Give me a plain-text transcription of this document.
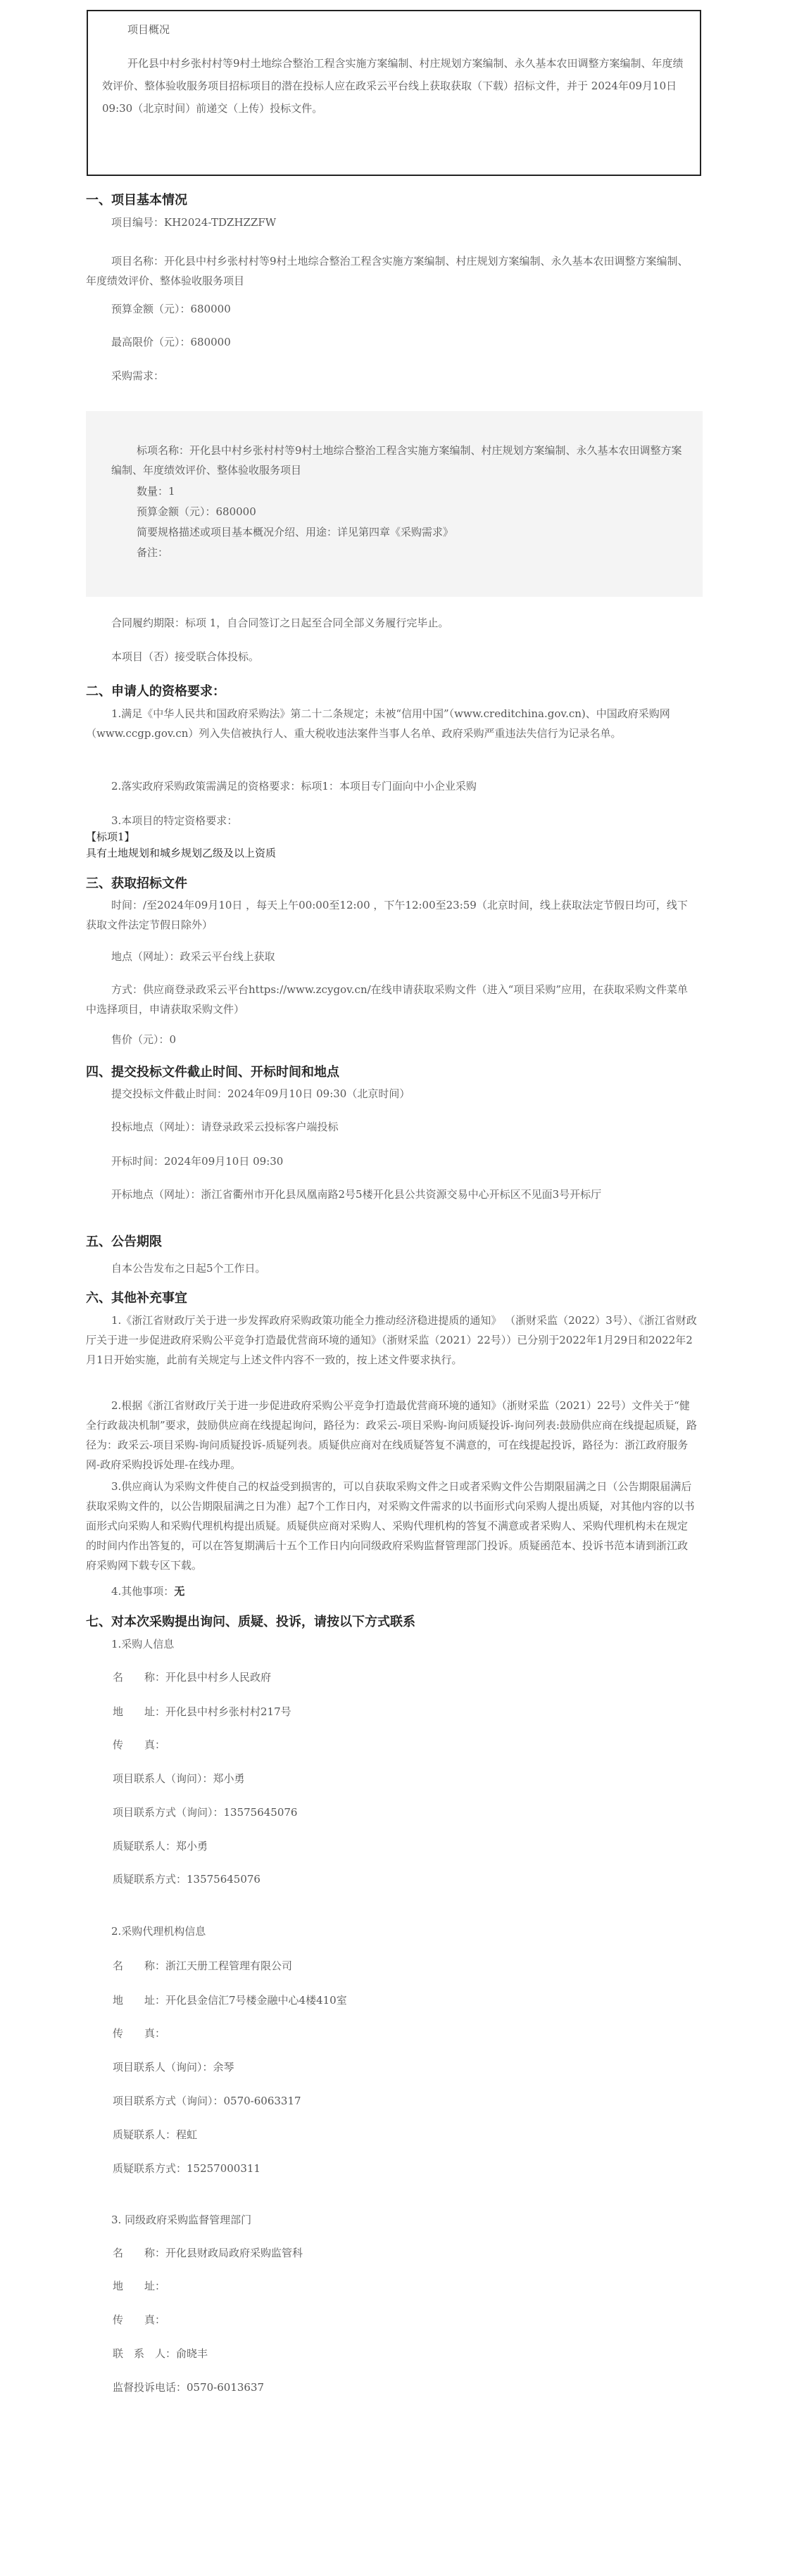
项目概况

开化县中村乡张村村等9村土地综合整治工程含实施方案编制、村庄规划方案编制、永久基本农田调整方案编制、年度绩效评价、整体验收服务项目招标项目的潜在投标人应在政采云平台线上获取获取（下载）招标文件，并于 2024年09月10日 09:30（北京时间）前递交（上传）投标文件。

一、项目基本情况

项目编号：KH2024-TDZHZZFW

项目名称：开化县中村乡张村村等9村土地综合整治工程含实施方案编制、村庄规划方案编制、永久基本农田调整方案编制、年度绩效评价、整体验收服务项目

预算金额（元）：680000

最高限价（元）：680000

采购需求：

标项名称：开化县中村乡张村村等9村土地综合整治工程含实施方案编制、村庄规划方案编制、永久基本农田调整方案编制、年度绩效评价、整体验收服务项目

数量：1

预算金额（元）：680000

简要规格描述或项目基本概况介绍、用途：详见第四章《采购需求》

备注：

合同履约期限：标项 1，自合同签订之日起至合同全部义务履行完毕止。

本项目（否）接受联合体投标。

二、申请人的资格要求：

1.满足《中华人民共和国政府采购法》第二十二条规定；未被“信用中国”（www.creditchina.gov.cn)、中国政府采购网（www.ccgp.gov.cn）列入失信被执行人、重大税收违法案件当事人名单、政府采购严重违法失信行为记录名单。

2.落实政府采购政策需满足的资格要求：标项1：本项目专门面向中小企业采购

3.本项目的特定资格要求：

【标项1】

具有土地规划和城乡规划乙级及以上资质

三、获取招标文件

时间：/至2024年09月10日 ，每天上午00:00至12:00 ，下午12:00至23:59（北京时间，线上获取法定节假日均可，线下获取文件法定节假日除外）

地点（网址）：政采云平台线上获取

方式：供应商登录政采云平台https://www.zcygov.cn/在线申请获取采购文件（进入“项目采购”应用，在获取采购文件菜单中选择项目，申请获取采购文件）

售价（元）：0

四、提交投标文件截止时间、开标时间和地点

提交投标文件截止时间：2024年09月10日 09:30（北京时间）

投标地点（网址）：请登录政采云投标客户端投标

开标时间：2024年09月10日 09:30

开标地点（网址）：浙江省衢州市开化县凤凰南路2号5楼开化县公共资源交易中心开标区不见面3号开标厅

五、公告期限

自本公告发布之日起5个工作日。

六、其他补充事宜

1.《浙江省财政厅关于进一步发挥政府采购政策功能全力推动经济稳进提质的通知》 （浙财采监（2022）3号）、《浙江省财政厅关于进一步促进政府采购公平竞争打造最优营商环境的通知》（浙财采监（2021）22号））已分别于2022年1月29日和2022年2月1日开始实施，此前有关规定与上述文件内容不一致的，按上述文件要求执行。

2.根据《浙江省财政厅关于进一步促进政府采购公平竞争打造最优营商环境的通知》（浙财采监（2021）22号）文件关于“健全行政裁决机制”要求，鼓励供应商在线提起询问，路径为：政采云-项目采购-询问质疑投诉-询问列表:鼓励供应商在线提起质疑，路径为：政采云-项目采购-询问质疑投诉-质疑列表。质疑供应商对在线质疑答复不满意的，可在线提起投诉，路径为：浙江政府服务网-政府采购投诉处理-在线办理。

3.供应商认为采购文件使自己的权益受到损害的，可以自获取采购文件之日或者采购文件公告期限届满之日（公告期限届满后获取采购文件的，以公告期限届满之日为准）起7个工作日内，对采购文件需求的以书面形式向采购人提出质疑，对其他内容的以书面形式向采购人和采购代理机构提出质疑。质疑供应商对采购人、采购代理机构的答复不满意或者采购人、采购代理机构未在规定的时间内作出答复的，可以在答复期满后十五个工作日内向同级政府采购监督管理部门投诉。质疑函范本、投诉书范本请到浙江政府采购网下载专区下载。

4.其他事项：无

七、对本次采购提出询问、质疑、投诉，请按以下方式联系

1.采购人信息

名　　称：开化县中村乡人民政府

地　　址：开化县中村乡张村村217号

传　　真：

项目联系人（询问）：郑小勇

项目联系方式（询问）：13575645076

质疑联系人：郑小勇

质疑联系方式：13575645076

2.采购代理机构信息

名　　称：浙江天册工程管理有限公司

地　　址：开化县金信汇7号楼金融中心4楼410室

传　　真：

项目联系人（询问）：余琴

项目联系方式（询问）：0570-6063317

质疑联系人：程虹

质疑联系方式：15257000311

3. 同级政府采购监督管理部门

名　　称：开化县财政局政府采购监管科

地　　址：

传　　真：

联　系　人：俞晓丰

监督投诉电话：0570-6013637
